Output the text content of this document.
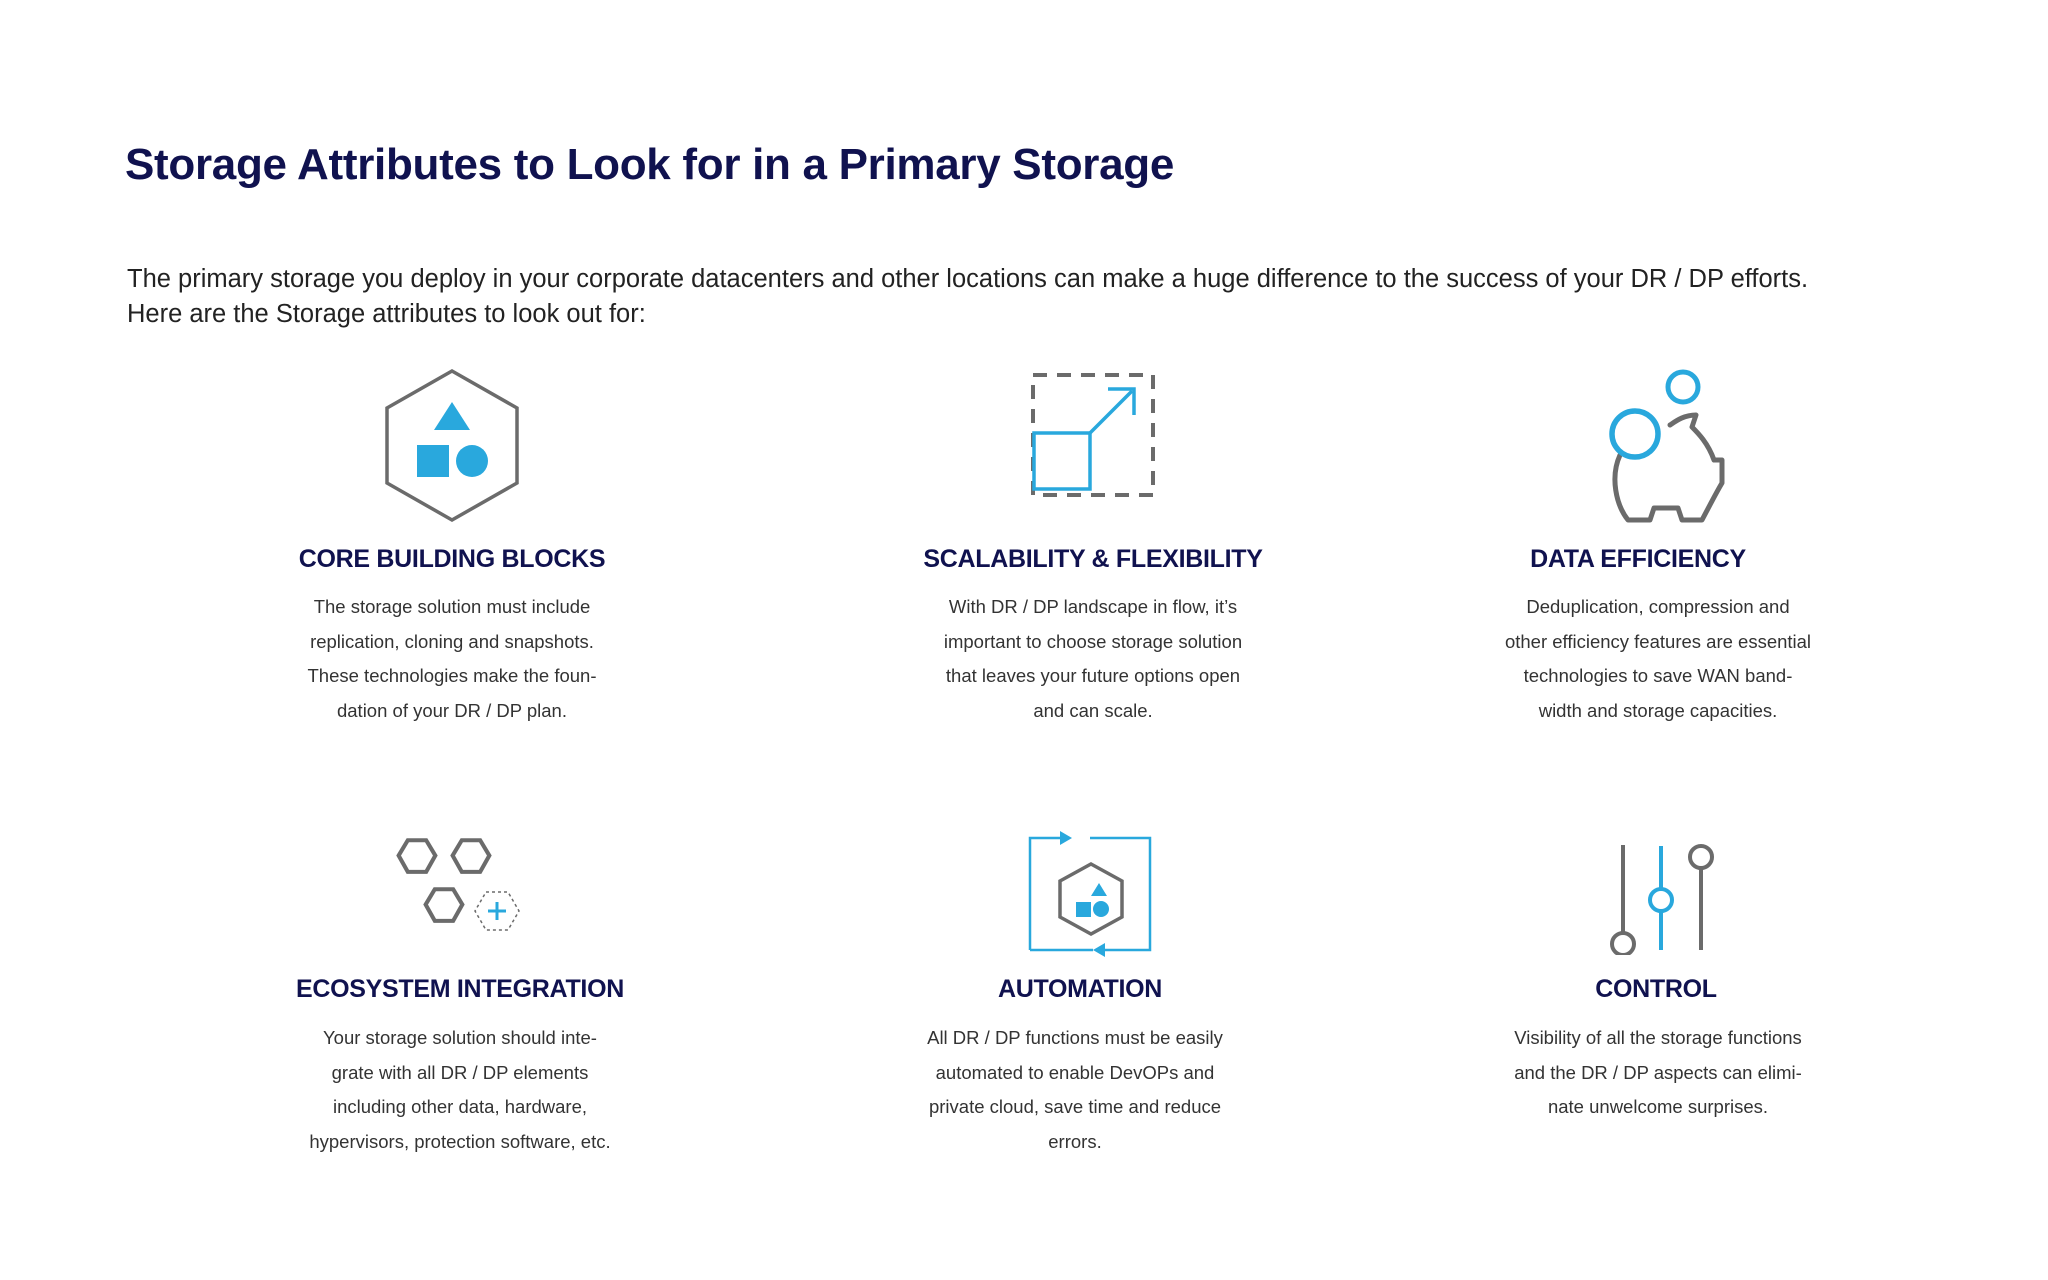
Storage Attributes to Look for in a Primary Storage

The primary storage you deploy in your corporate datacenters and other locations can make a huge difference to the success of your DR / DP efforts.
Here are the Storage attributes to look out for:

CORE BUILDING BLOCKS

The storage solution must include
replication, cloning and snapshots.
These technologies make the foun-
dation of your DR / DP plan.

SCALABILITY & FLEXIBILITY

With DR / DP landscape in flow, it’s
important to choose storage solution
that leaves your future options open
and can scale.

DATA EFFICIENCY

Deduplication, compression and
other efficiency features are essential
technologies to save WAN band-
width and storage capacities.

ECOSYSTEM INTEGRATION

Your storage solution should inte-
grate with all DR / DP elements
including other data, hardware,
hypervisors, protection software, etc.

AUTOMATION

All DR / DP functions must be easily
automated to enable DevOPs and
private cloud, save time and reduce
errors.

CONTROL

Visibility of all the storage functions
and the DR / DP aspects can elimi-
nate unwelcome surprises.
